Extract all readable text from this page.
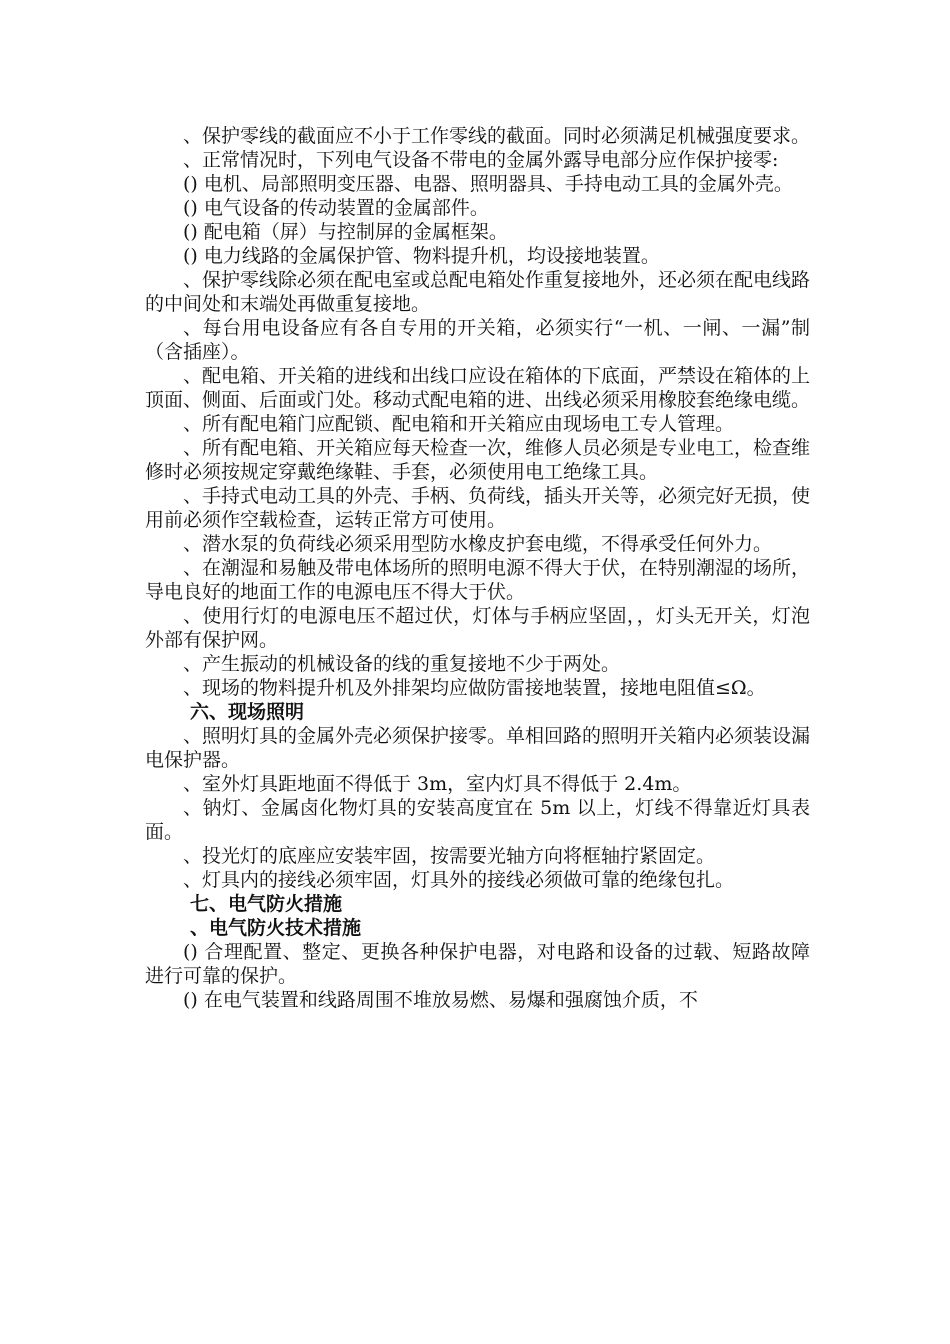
、保护零线的截面应不小于工作零线的截面。同时必须满足机械强度要求。

、正常情况时，下列电气设备不带电的金属外露导电部分应作保护接零:

() 电机、局部照明变压器、电器、照明器具、手持电动工具的金属外壳。

() 电气设备的传动装置的金属部件。

() 配电箱（屏）与控制屏的金属框架。

() 电力线路的金属保护管、物料提升机，均设接地装置。

、保护零线除必须在配电室或总配电箱处作重复接地外，还必须在配电线路的中间处和末端处再做重复接地。

、每台用电设备应有各自专用的开关箱，必须实行“一机、一闸、一漏”制（含插座）。

、配电箱、开关箱的进线和出线口应设在箱体的下底面，严禁设在箱体的上顶面、侧面、后面或门处。移动式配电箱的进、出线必须采用橡胶套绝缘电缆。

、所有配电箱门应配锁、配电箱和开关箱应由现场电工专人管理。

、所有配电箱、开关箱应每天检查一次，维修人员必须是专业电工，检查维修时必须按规定穿戴绝缘鞋、手套，必须使用电工绝缘工具。

、手持式电动工具的外壳、手柄、负荷线，插头开关等，必须完好无损，使用前必须作空载检查，运转正常方可使用。

、潜水泵的负荷线必须采用型防水橡皮护套电缆，不得承受任何外力。

、在潮湿和易触及带电体场所的照明电源不得大于伏，在特别潮湿的场所，导电良好的地面工作的电源电压不得大于伏。

、使用行灯的电源电压不超过伏，灯体与手柄应坚固，，灯头无开关，灯泡外部有保护网。

、产生振动的机械设备的线的重复接地不少于两处。

、现场的物料提升机及外排架均应做防雷接地装置，接地电阻值≤Ω。

六、现场照明

、照明灯具的金属外壳必须保护接零。单相回路的照明开关箱内必须装设漏电保护器。

、室外灯具距地面不得低于 3m，室内灯具不得低于 2.4m。

、钠灯、金属卤化物灯具的安装高度宜在 5m 以上，灯线不得靠近灯具表面。

、投光灯的底座应安装牢固，按需要光轴方向将框轴拧紧固定。

、灯具内的接线必须牢固，灯具外的接线必须做可靠的绝缘包扎。

七、电气防火措施

、电气防火技术措施

() 合理配置、整定、更换各种保护电器，对电路和设备的过载、短路故障进行可靠的保护。

() 在电气装置和线路周围不堆放易燃、易爆和强腐蚀介质，不
